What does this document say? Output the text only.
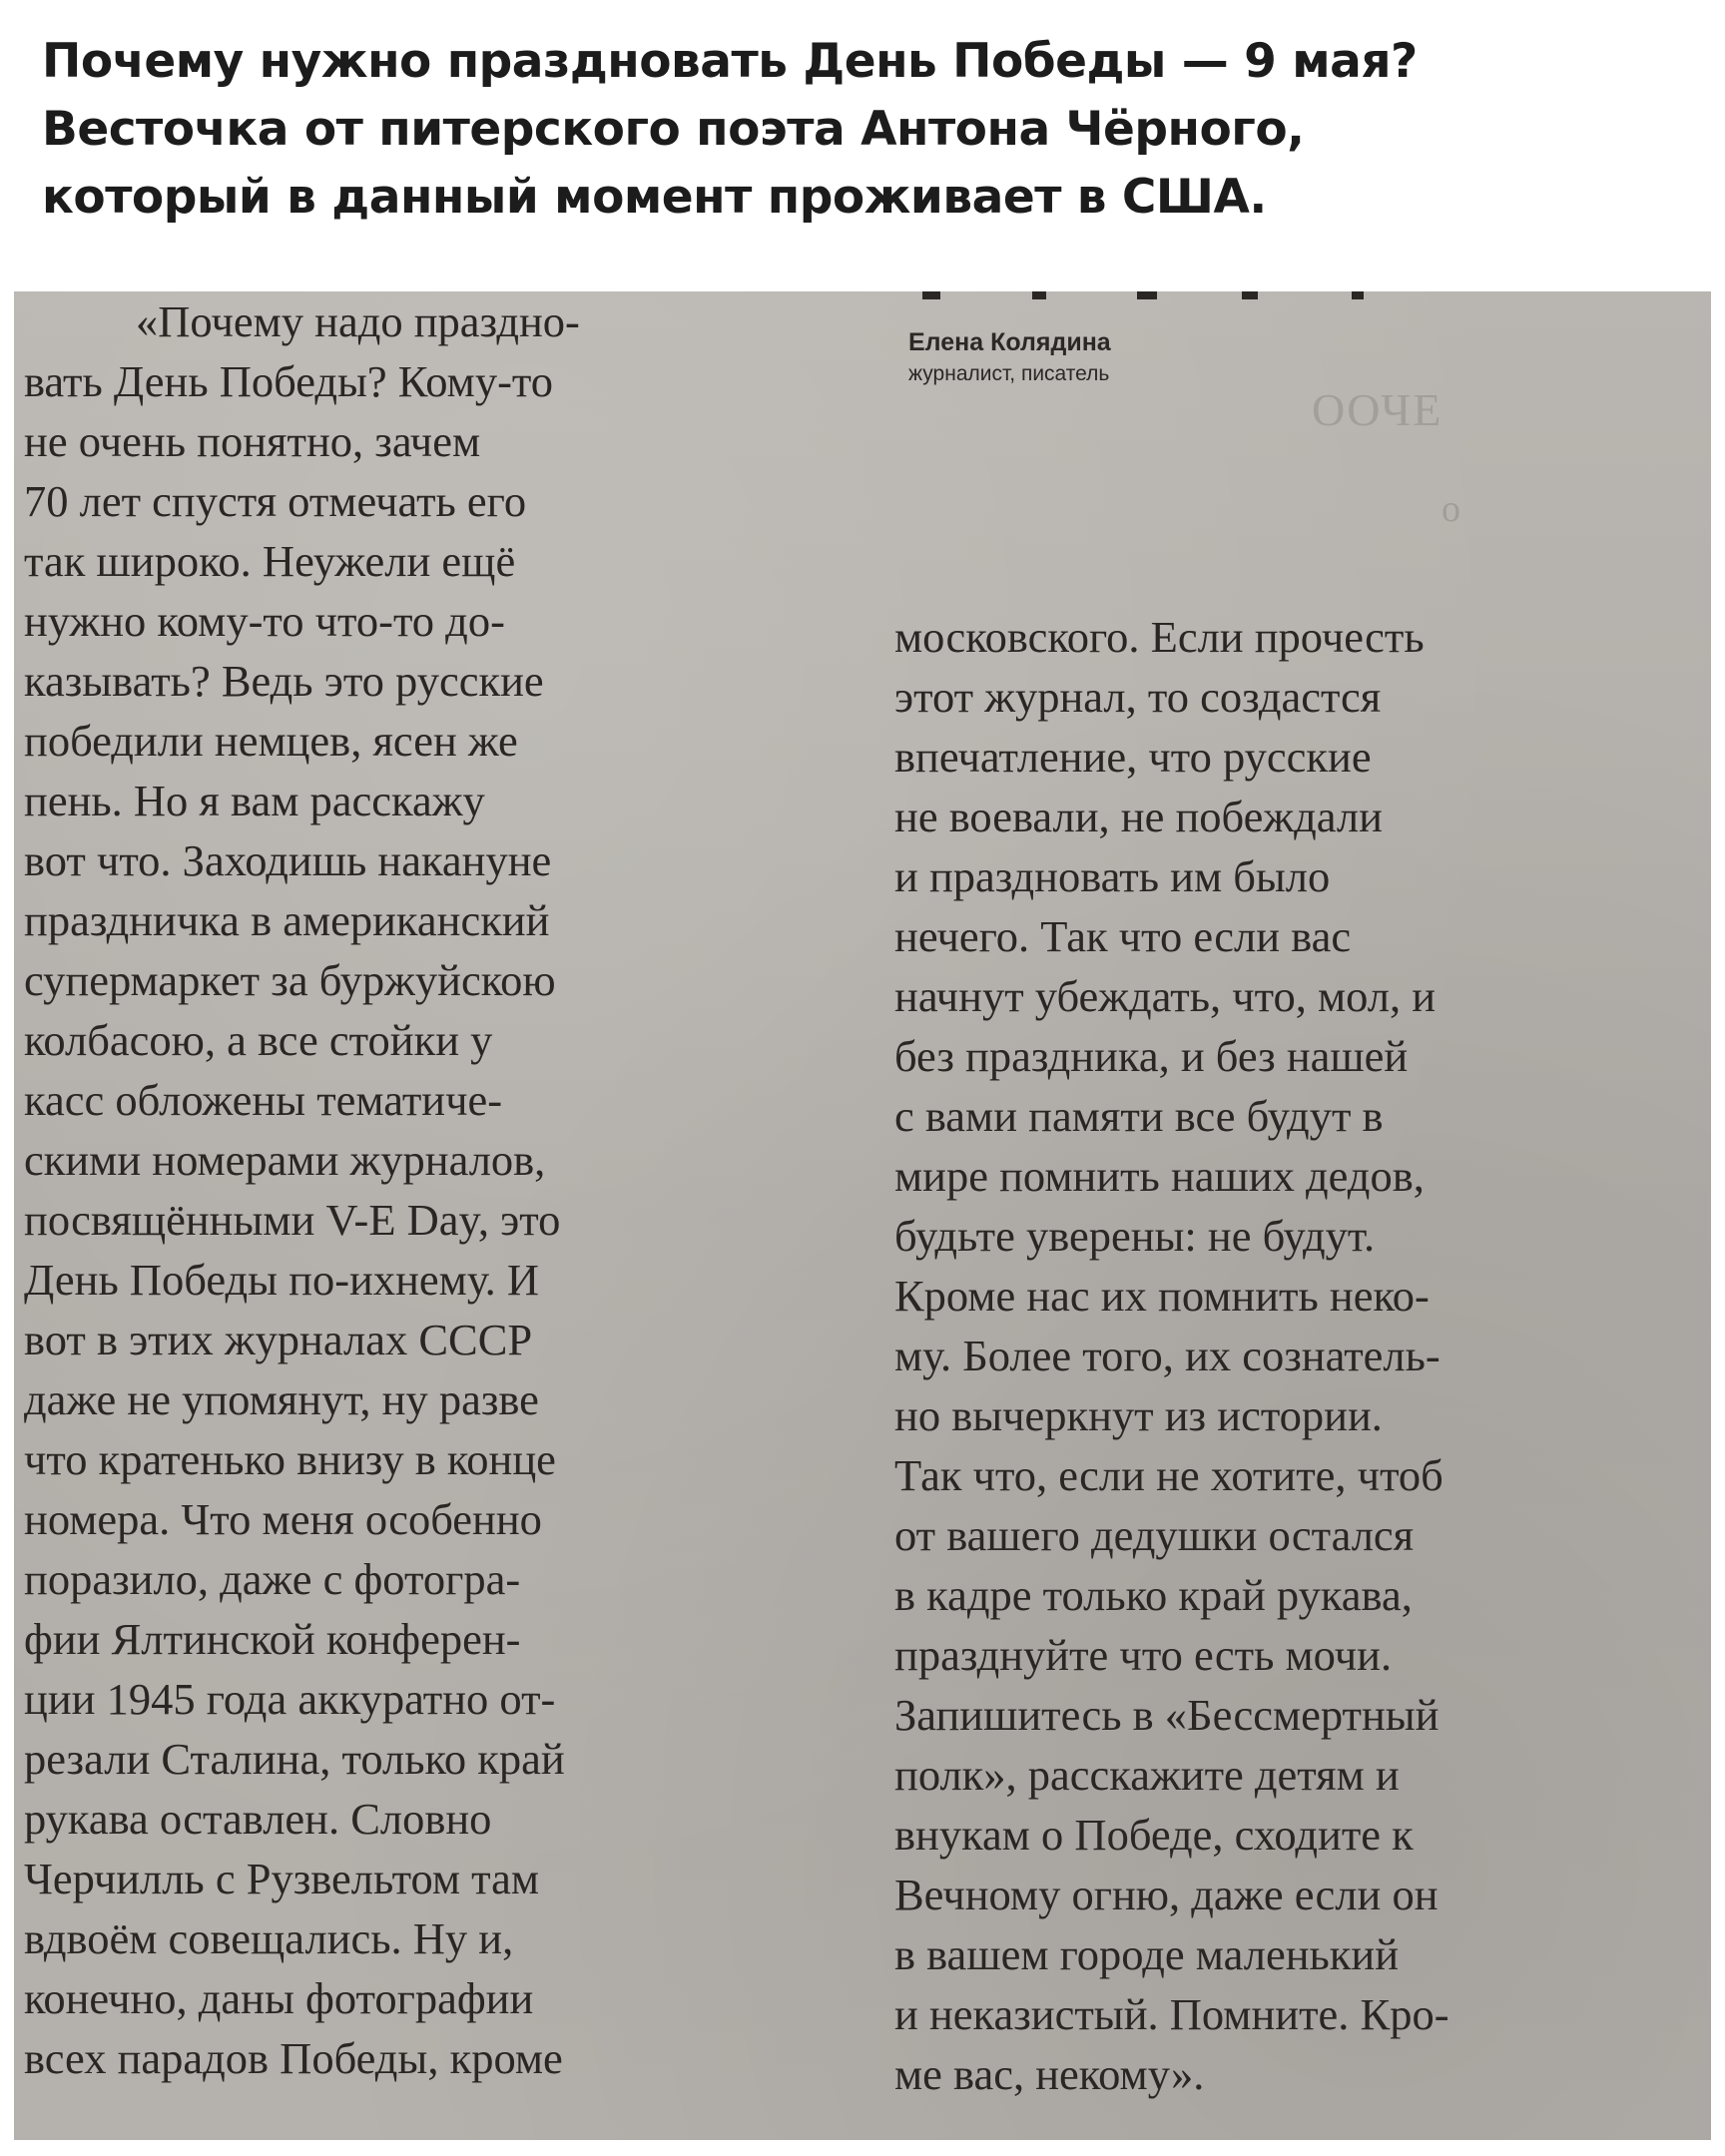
Почему нужно праздновать День Победы — 9 мая?
Весточка от питерского поэта Антона Чёрного,
который в данный момент проживает в США.
ООЧЕ
о
Елена Колядина
журналист, писатель
«Почему надо праздно-
вать День Победы? Кому-то
не очень понятно, зачем
70 лет спустя отмечать его
так широко. Неужели ещё
нужно кому-то что-то до-
казывать? Ведь это русские
победили немцев, ясен же
пень. Но я вам расскажу
вот что. Заходишь накануне
праздничка в американский
супермаркет за буржуйскою
колбасою, а все стойки у
касс обложены тематиче-
скими номерами журналов,
посвящёнными V-E Day, это
День Победы по-ихнему. И
вот в этих журналах СССР
даже не упомянут, ну разве
что кратенько внизу в конце
номера. Что меня особенно
поразило, даже с фотогра-
фии Ялтинской конферен-
ции 1945 года аккуратно от-
резали Сталина, только край
рукава оставлен. Словно
Черчилль с Рузвельтом там
вдвоём совещались. Ну и,
конечно, даны фотографии
всех парадов Победы, кроме
московского. Если прочесть
этот журнал, то создастся
впечатление, что русские
не воевали, не побеждали
и праздновать им было
нечего. Так что если вас
начнут убеждать, что, мол, и
без праздника, и без нашей
с вами памяти все будут в
мире помнить наших дедов,
будьте уверены: не будут.
Кроме нас их помнить неко-
му. Более того, их сознатель-
но вычеркнут из истории.
Так что, если не хотите, чтоб
от вашего дедушки остался
в кадре только край рукава,
празднуйте что есть мочи.
Запишитесь в «Бессмертный
полк», расскажите детям и
внукам о Победе, сходите к
Вечному огню, даже если он
в вашем городе маленький
и неказистый. Помните. Кро-
ме вас, некому».
